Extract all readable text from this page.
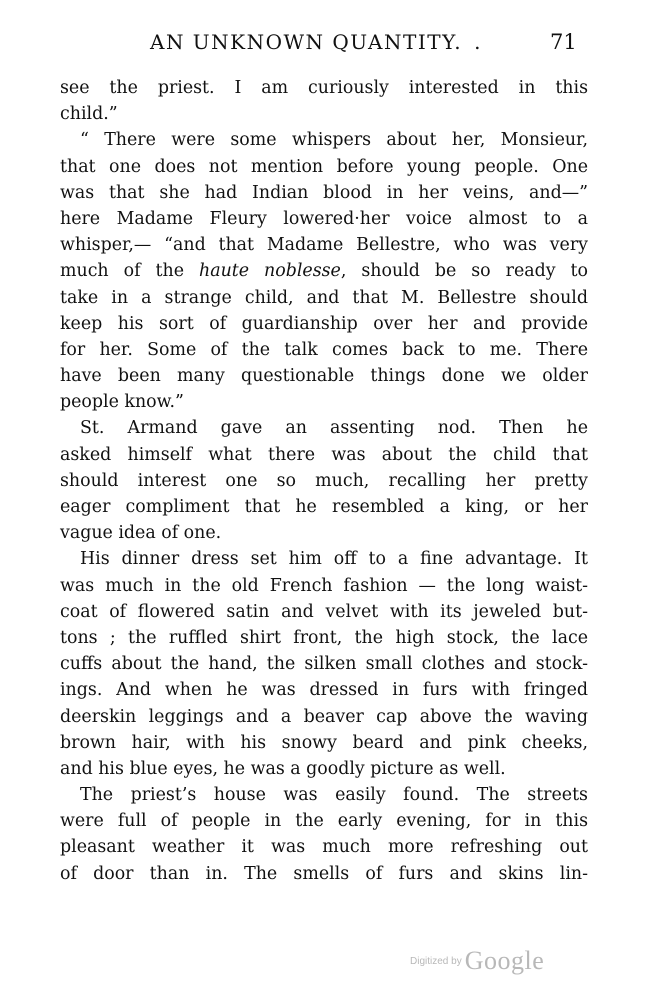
AN UNKNOWN QUANTITY. .	71
see the priest. I am curiously interested in this
child.”
“ There were some whispers about her, Monsieur,
that one does not mention before young people. One
was that she had Indian blood in her veins, and—”
here Madame Fleury lowered·her voice almost to a
whisper,— “and that Madame Bellestre, who was very
much of the haute noblesse, should be so ready to
take in a strange child, and that M. Bellestre should
keep his sort of guardianship over her and provide
for her. Some of the talk comes back to me. There
have been many questionable things done we older
people know.”
St. Armand gave an assenting nod. Then he
asked himself what there was about the child that
should interest one so much, recalling her pretty
eager compliment that he resembled a king, or her
vague idea of one.
His dinner dress set him off to a fine advantage. It
was much in the old French fashion — the long waist-
coat of flowered satin and velvet with its jeweled but-
tons ; the ruffled shirt front, the high stock, the lace
cuffs about the hand, the silken small clothes and stock-
ings. And when he was dressed in furs with fringed
deerskin leggings and a beaver cap above the waving
brown hair, with his snowy beard and pink cheeks,
and his blue eyes, he was a goodly picture as well.
The priest’s house was easily found. The streets
were full of people in the early evening, for in this
pleasant weather it was much more refreshing out
of door than in. The smells of furs and skins lin-
Digitized by Google
